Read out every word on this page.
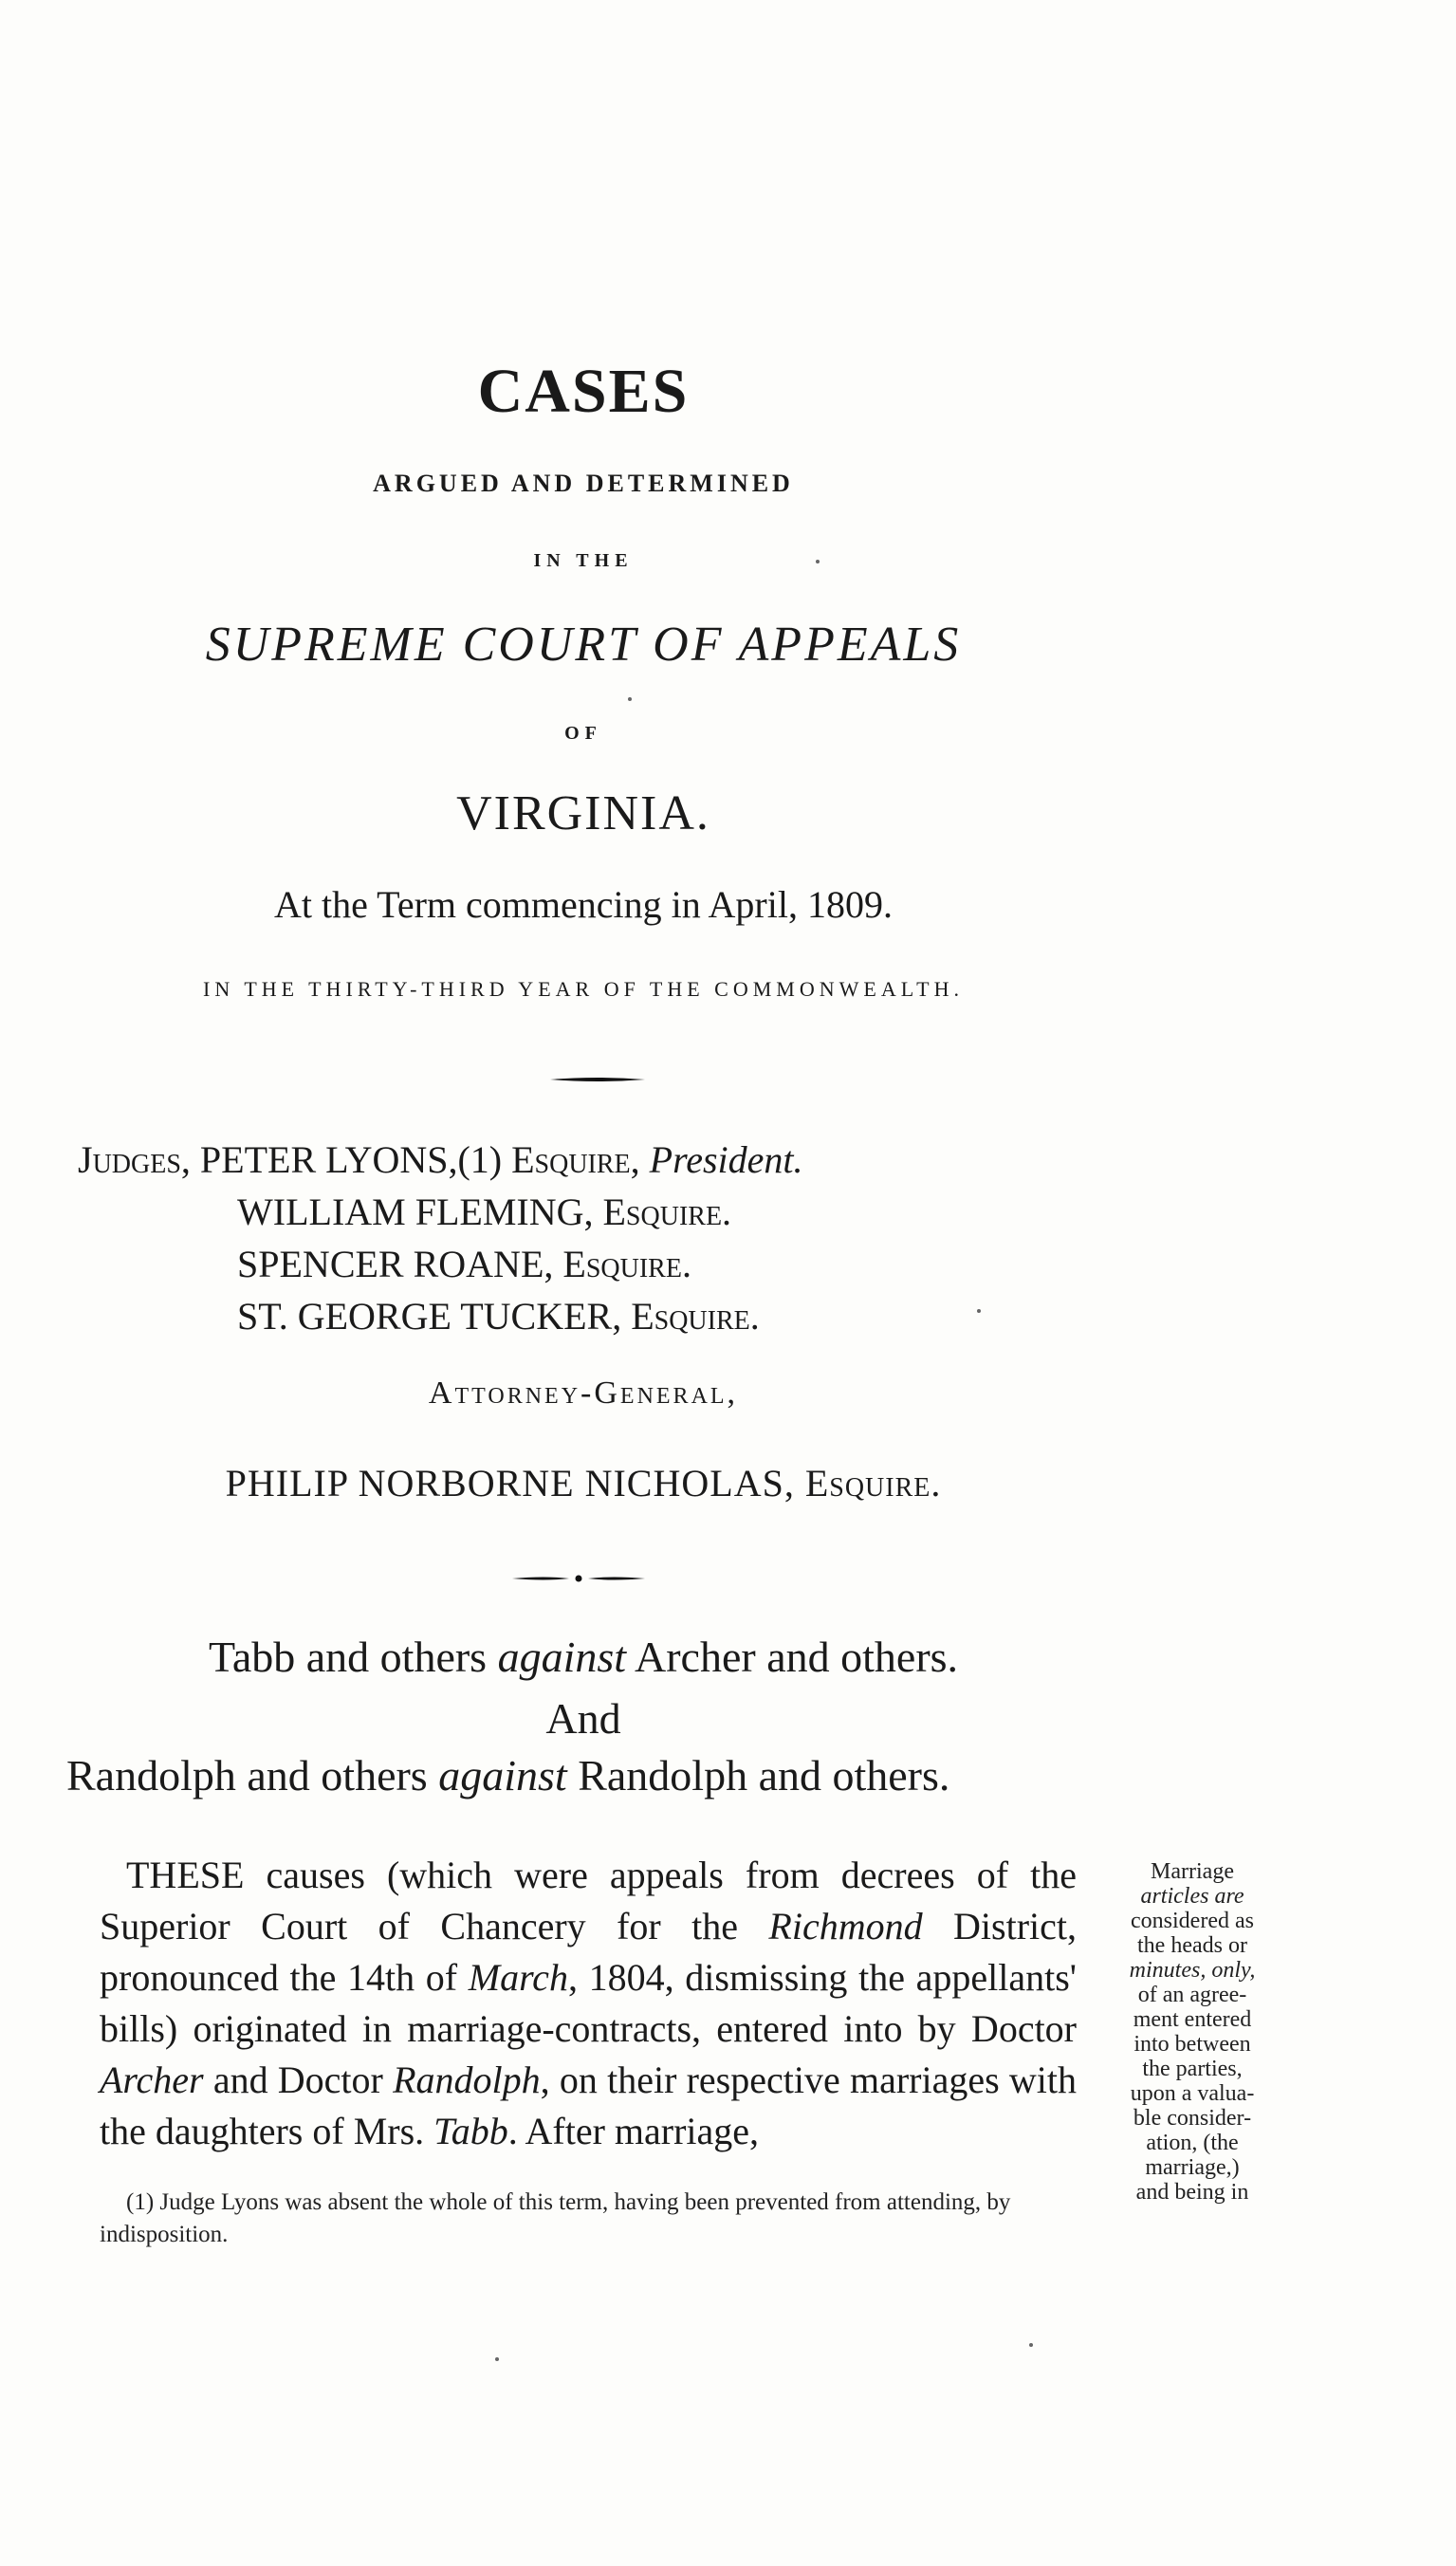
CASES
ARGUED AND DETERMINED
IN THE
SUPREME COURT OF APPEALS
OF
VIRGINIA.
At the Term commencing in April, 1809.
IN THE THIRTY-THIRD YEAR OF THE COMMONWEALTH.
Judges, PETER LYONS,(1) Esquire, President.
WILLIAM FLEMING, Esquire.
SPENCER ROANE, Esquire.
ST. GEORGE TUCKER, Esquire.
Attorney-General,
PHILIP NORBORNE NICHOLAS, Esquire.
Tabb and others against Archer and others.
And
Randolph and others against Randolph and others.

THESE causes (which were appeals from decrees of the Superior Court of Chancery for the Richmond District, pronounced the 14th of March, 1804, dismissing the appellants' bills) originated in marriage-contracts, entered into by Doctor Archer and Doctor Randolph, on their respective marriages with the daughters of Mrs. Tabb. After marriage,

(1) Judge Lyons was absent the whole of this term, having been prevented from attending, by indisposition.

Marriage
articles are
considered as
the heads or
minutes, only,
of an agree-
ment entered
into between
the parties,
upon a valua-
ble consider-
ation, (the
marriage,)
and being in
